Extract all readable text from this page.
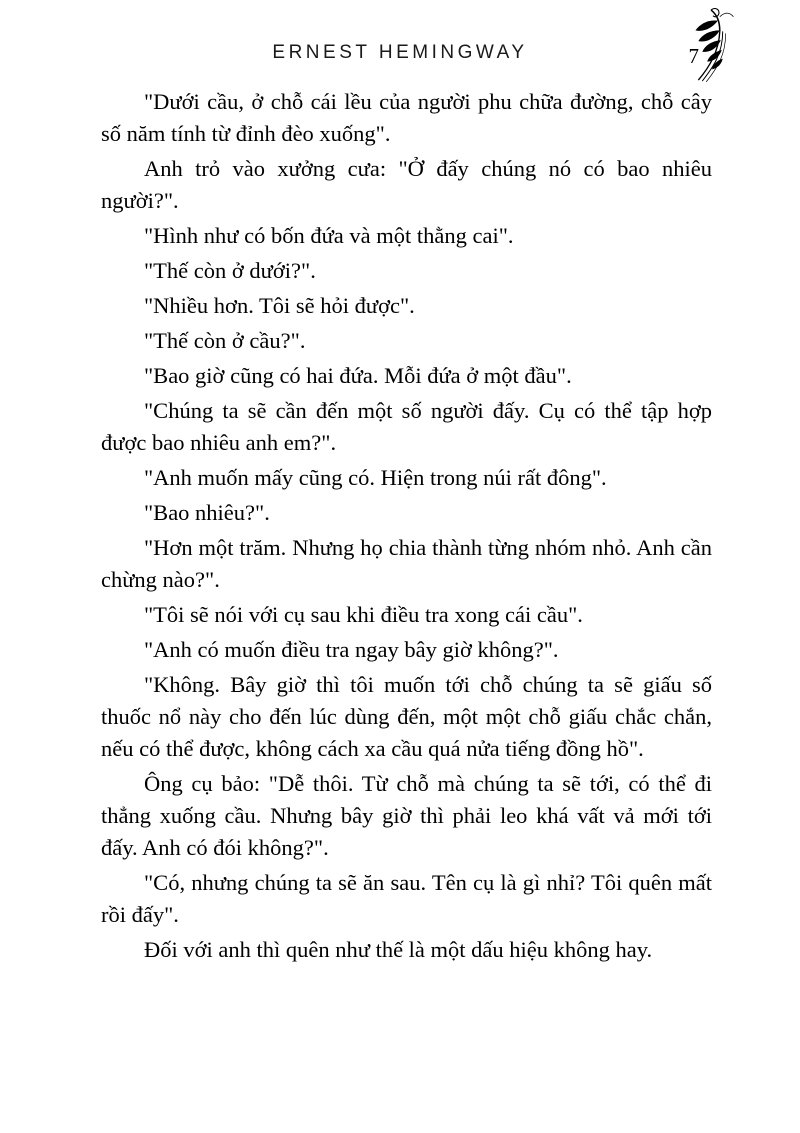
ERNEST HEMINGWAY	7

"Dưới cầu, ở chỗ cái lều của người phu chữa đường, chỗ cây số năm tính từ đỉnh đèo xuống".

Anh trỏ vào xưởng cưa: "Ở đấy chúng nó có bao nhiêu người?".

"Hình như có bốn đứa và một thằng cai".

"Thế còn ở dưới?".

"Nhiều hơn. Tôi sẽ hỏi được".

"Thế còn ở cầu?".

"Bao giờ cũng có hai đứa. Mỗi đứa ở một đầu".

"Chúng ta sẽ cần đến một số người đấy. Cụ có thể tập hợp được bao nhiêu anh em?".

"Anh muốn mấy cũng có. Hiện trong núi rất đông".

"Bao nhiêu?".

"Hơn một trăm. Nhưng họ chia thành từng nhóm nhỏ. Anh cần chừng nào?".

"Tôi sẽ nói với cụ sau khi điều tra xong cái cầu".

"Anh có muốn điều tra ngay bây giờ không?".

"Không. Bây giờ thì tôi muốn tới chỗ chúng ta sẽ giấu số thuốc nổ này cho đến lúc dùng đến, một một chỗ giấu chắc chắn, nếu có thể được, không cách xa cầu quá nửa tiếng đồng hồ".

Ông cụ bảo: "Dễ thôi. Từ chỗ mà chúng ta sẽ tới, có thể đi thẳng xuống cầu. Nhưng bây giờ thì phải leo khá vất vả mới tới đấy. Anh có đói không?".

"Có, nhưng chúng ta sẽ ăn sau. Tên cụ là gì nhỉ? Tôi quên mất rồi đấy".

Đối với anh thì quên như thế là một dấu hiệu không hay.
